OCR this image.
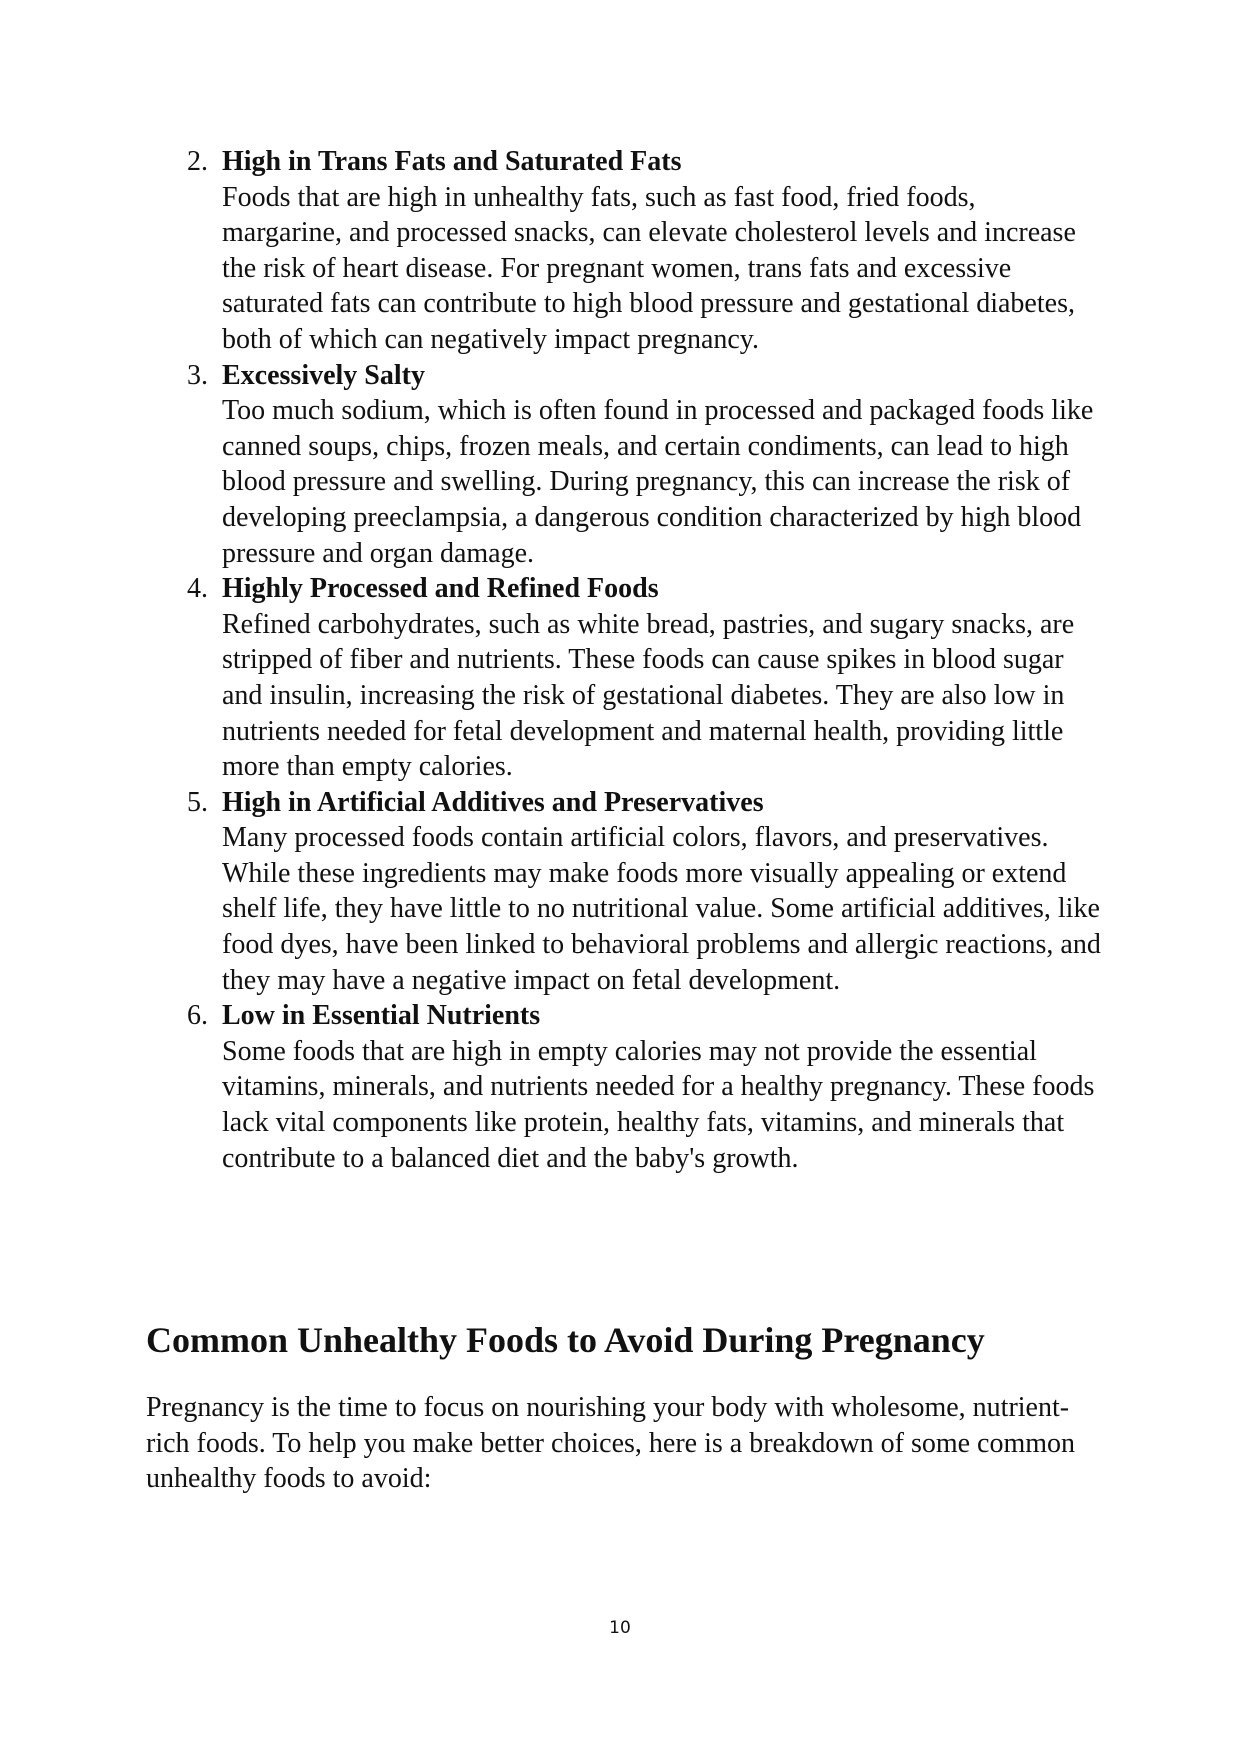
2. High in Trans Fats and Saturated Fats
Foods that are high in unhealthy fats, such as fast food, fried foods, margarine, and processed snacks, can elevate cholesterol levels and increase the risk of heart disease. For pregnant women, trans fats and excessive saturated fats can contribute to high blood pressure and gestational diabetes, both of which can negatively impact pregnancy.
3. Excessively Salty
Too much sodium, which is often found in processed and packaged foods like canned soups, chips, frozen meals, and certain condiments, can lead to high blood pressure and swelling. During pregnancy, this can increase the risk of developing preeclampsia, a dangerous condition characterized by high blood pressure and organ damage.
4. Highly Processed and Refined Foods
Refined carbohydrates, such as white bread, pastries, and sugary snacks, are stripped of fiber and nutrients. These foods can cause spikes in blood sugar and insulin, increasing the risk of gestational diabetes. They are also low in nutrients needed for fetal development and maternal health, providing little more than empty calories.
5. High in Artificial Additives and Preservatives
Many processed foods contain artificial colors, flavors, and preservatives. While these ingredients may make foods more visually appealing or extend shelf life, they have little to no nutritional value. Some artificial additives, like food dyes, have been linked to behavioral problems and allergic reactions, and they may have a negative impact on fetal development.
6. Low in Essential Nutrients
Some foods that are high in empty calories may not provide the essential vitamins, minerals, and nutrients needed for a healthy pregnancy. These foods lack vital components like protein, healthy fats, vitamins, and minerals that contribute to a balanced diet and the baby's growth.
Common Unhealthy Foods to Avoid During Pregnancy

Pregnancy is the time to focus on nourishing your body with wholesome, nutrient-rich foods. To help you make better choices, here is a breakdown of some common unhealthy foods to avoid:

10
